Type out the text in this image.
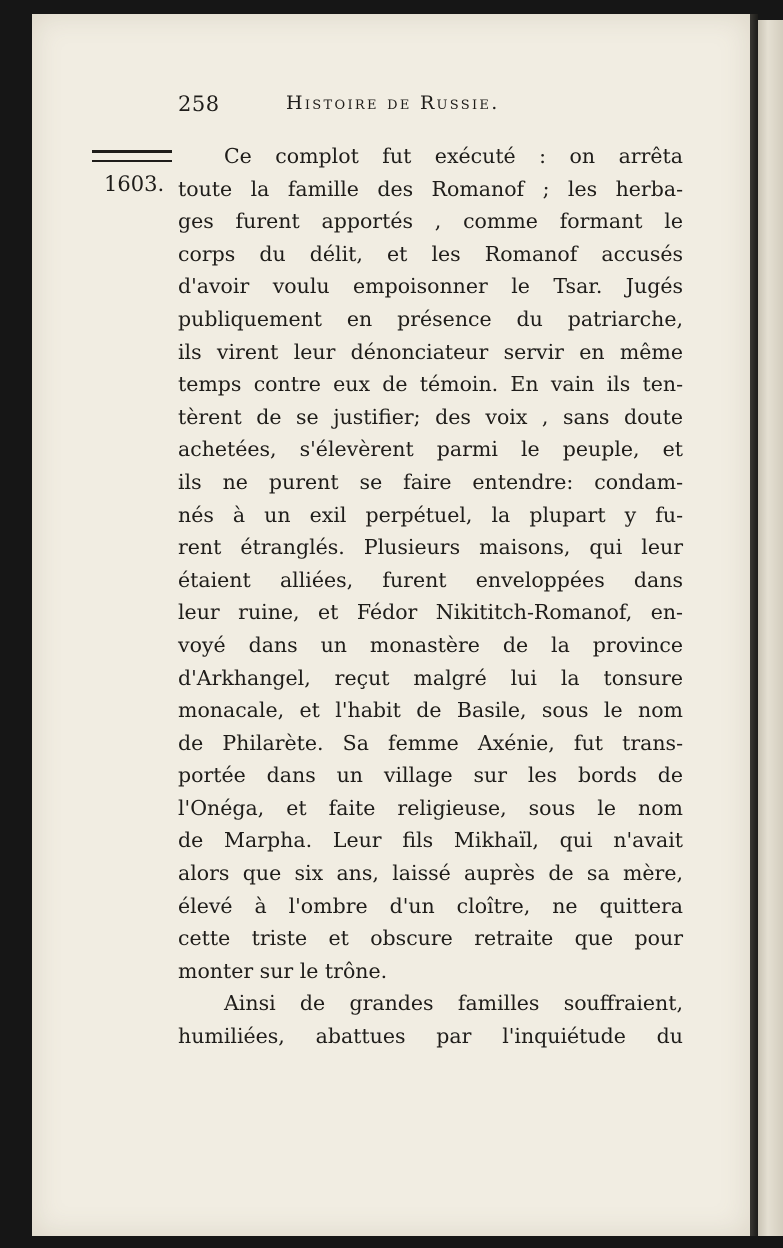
258	Histoire de Russie.
1603.
Ce complot fut exécuté : on arrêta
toute la famille des Romanof ; les herba-
ges furent apportés , comme formant le
corps du délit, et les Romanof accusés
d'avoir voulu empoisonner le Tsar. Jugés
publiquement en présence du patriarche,
ils virent leur dénonciateur servir en même
temps contre eux de témoin. En vain ils ten-
tèrent de se justifier; des voix , sans doute
achetées, s'élevèrent parmi le peuple, et
ils ne purent se faire entendre: condam-
nés à un exil perpétuel, la plupart y fu-
rent étranglés. Plusieurs maisons, qui leur
étaient alliées, furent enveloppées dans
leur ruine, et Fédor Nikititch-Romanof, en-
voyé dans un monastère de la province
d'Arkhangel, reçut malgré lui la tonsure
monacale, et l'habit de Basile, sous le nom
de Philarète. Sa femme Axénie, fut trans-
portée dans un village sur les bords de
l'Onéga, et faite religieuse, sous le nom
de Marpha. Leur fils Mikhaïl, qui n'avait
alors que six ans, laissé auprès de sa mère,
élevé à l'ombre d'un cloître, ne quittera
cette triste et obscure retraite que pour
monter sur le trône.
Ainsi de grandes familles souffraient,
humiliées, abattues par l'inquiétude du
